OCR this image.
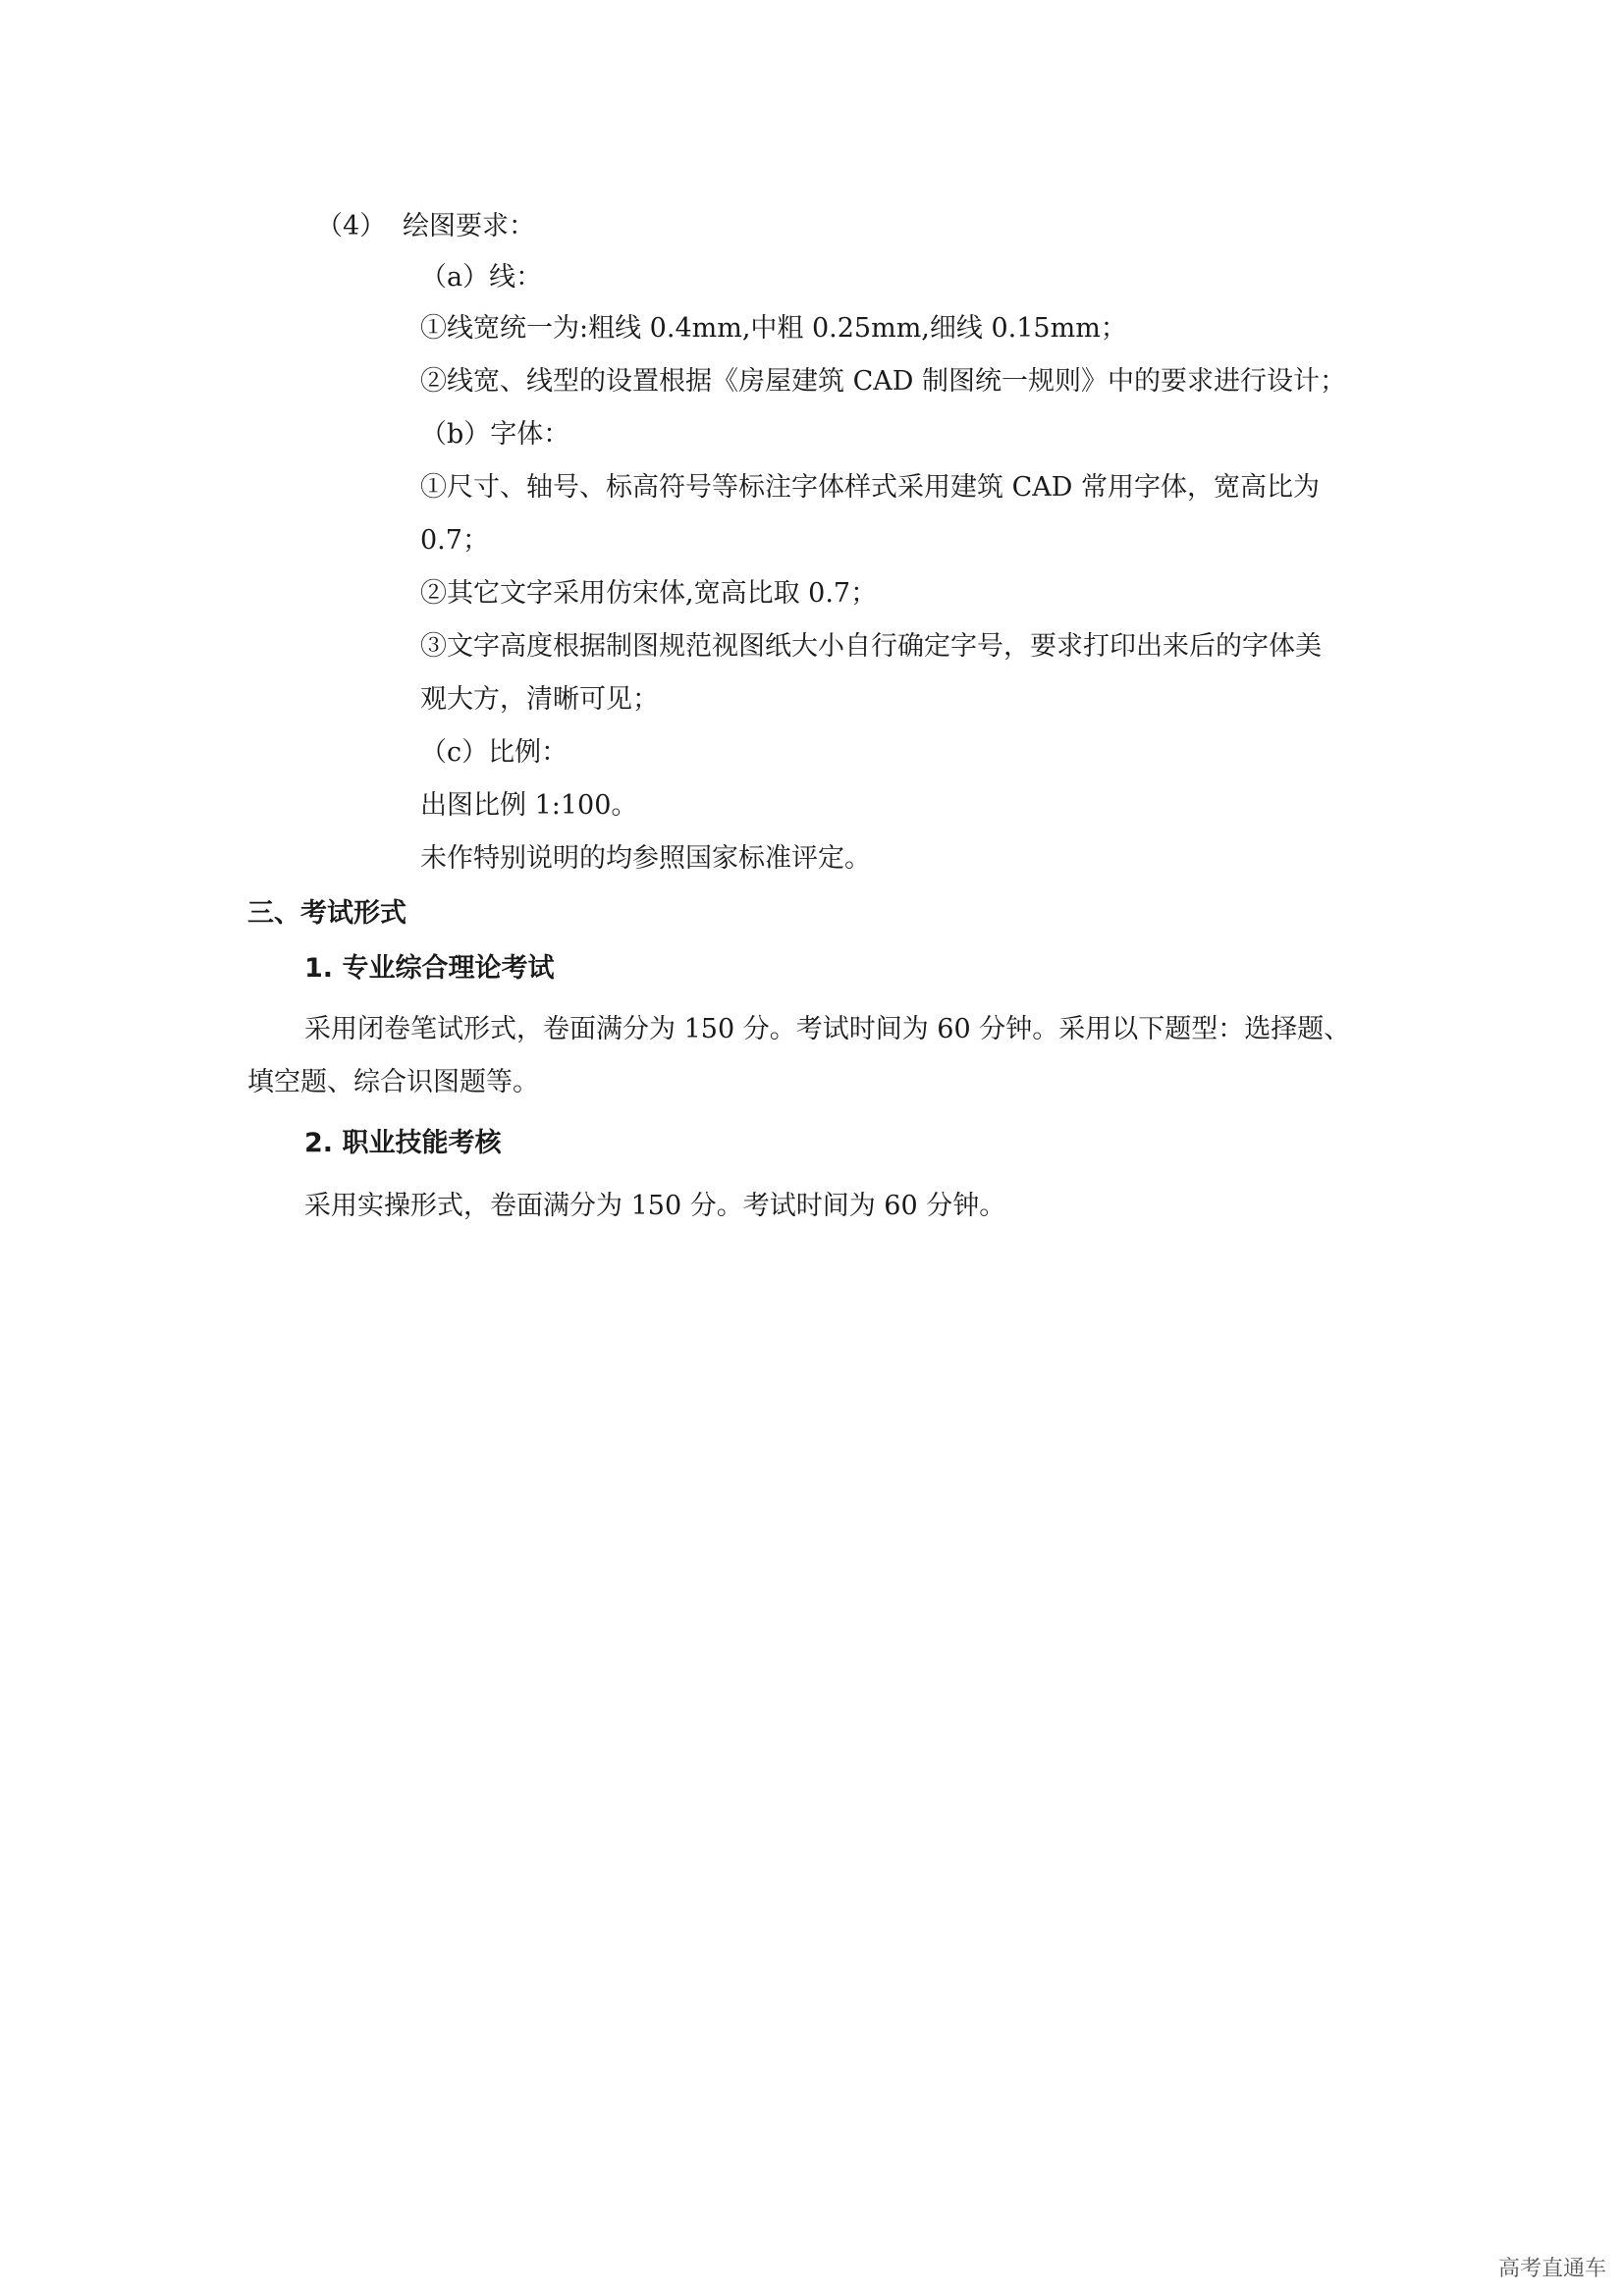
（4） 绘图要求：
（a）线：
①线宽统一为:粗线 0.4mm,中粗 0.25mm,细线 0.15mm；
②线宽、线型的设置根据《房屋建筑 CAD 制图统一规则》中的要求进行设计；
（b）字体：
①尺寸、轴号、标高符号等标注字体样式采用建筑 CAD 常用字体，宽高比为
0.7；
②其它文字采用仿宋体,宽高比取 0.7；
③文字高度根据制图规范视图纸大小自行确定字号，要求打印出来后的字体美
观大方，清晰可见；
（c）比例：
出图比例 1:100。
未作特别说明的均参照国家标准评定。
三、考试形式
1. 专业综合理论考试
采用闭卷笔试形式，卷面满分为 150 分。考试时间为 60 分钟。采用以下题型：选择题、
填空题、综合识图题等。
2. 职业技能考核
采用实操形式，卷面满分为 150 分。考试时间为 60 分钟。
高考直通车
